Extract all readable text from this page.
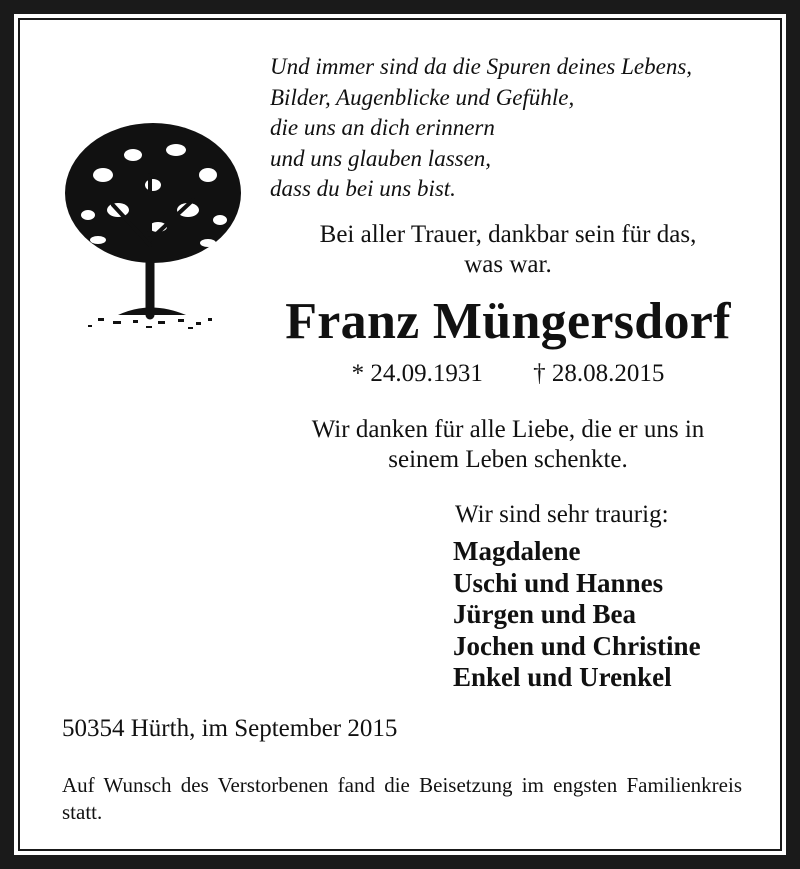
Und immer sind da die Spuren deines Lebens,
Bilder, Augenblicke und Gefühle,
die uns an dich erinnern
und uns glauben lassen,
dass du bei uns bist.
Bei aller Trauer, dankbar sein für das,
was war.
Franz Müngersdorf
* 24.09.1931 † 28.08.2015
Wir danken für alle Liebe, die er uns in
seinem Leben schenkte.
Wir sind sehr traurig:
Magdalene
Uschi und Hannes
Jürgen und Bea
Jochen und Christine
Enkel und Urenkel
50354 Hürth, im September 2015
Auf Wunsch des Verstorbenen fand die Beisetzung im engsten Familienkreis statt.
